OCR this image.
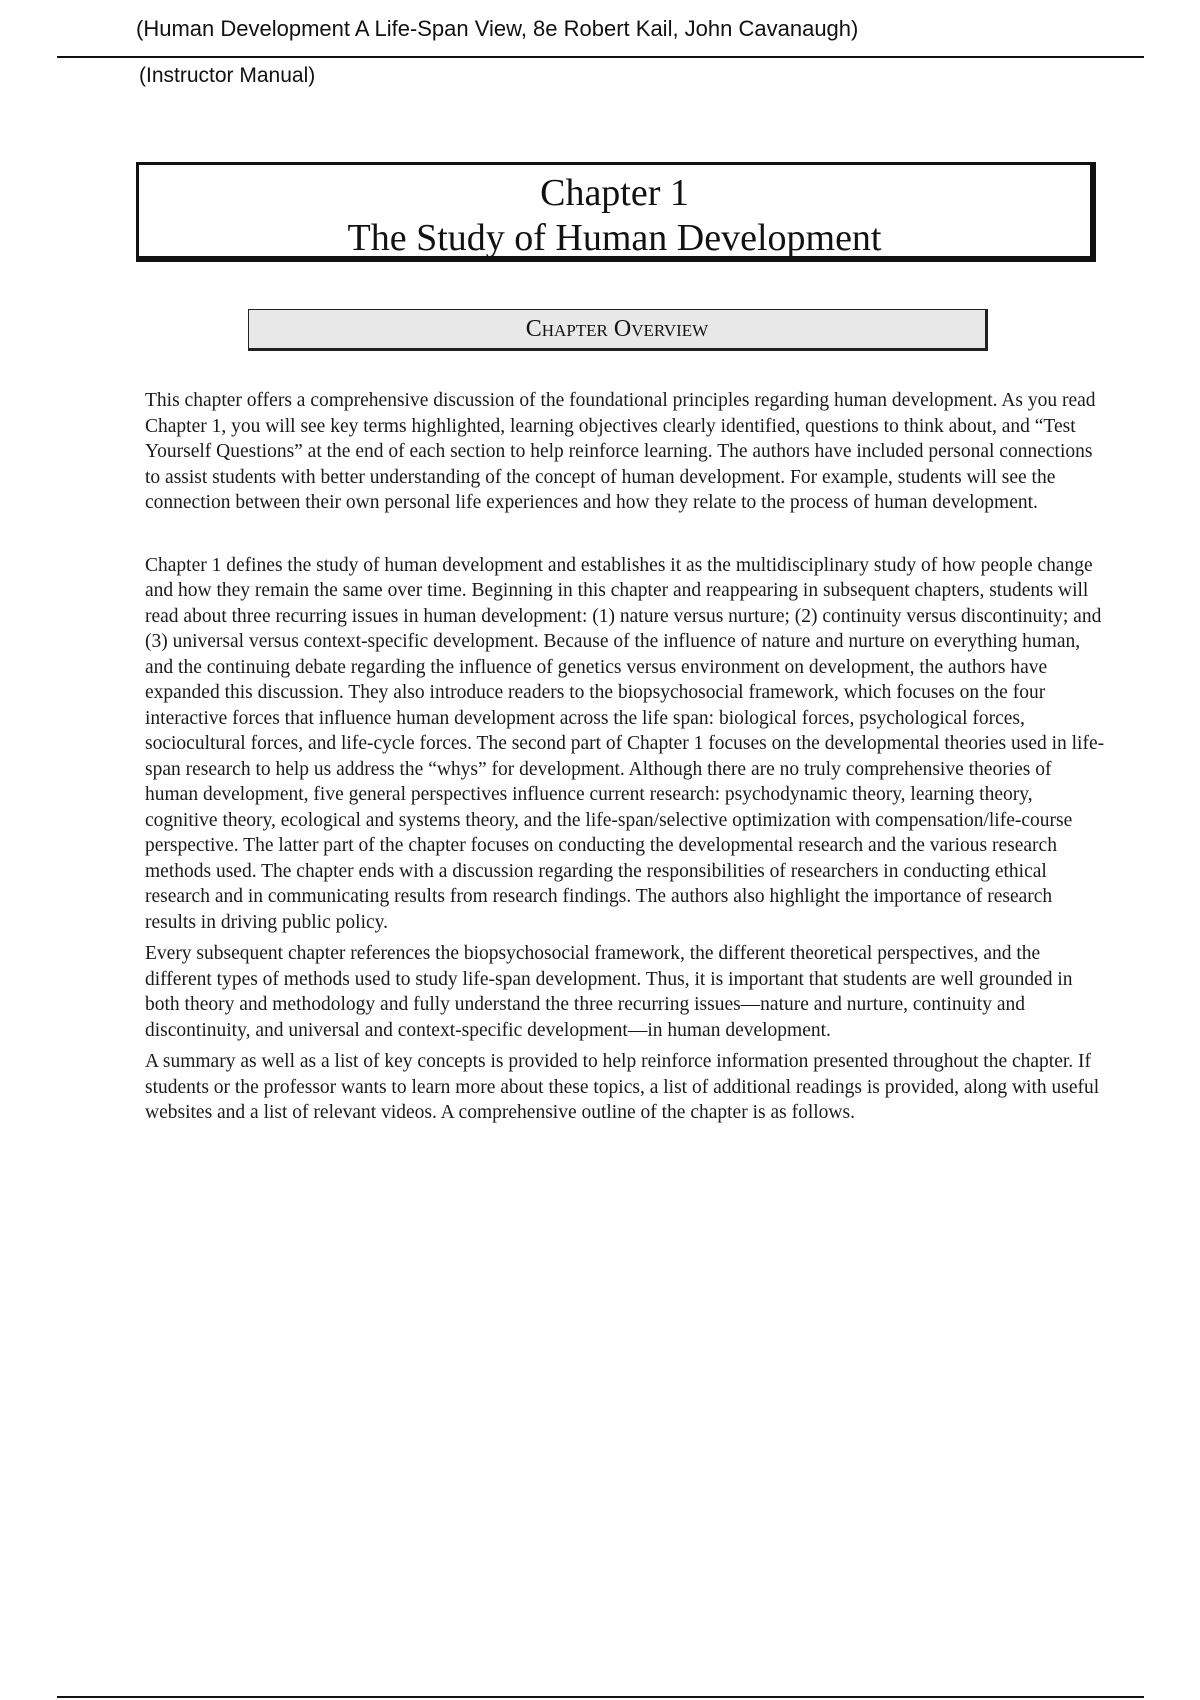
(Human Development A Life-Span View, 8e Robert Kail, John Cavanaugh)
(Instructor Manual)
Chapter 1
The Study of Human Development
Chapter Overview

This chapter offers a comprehensive discussion of the foundational principles regarding human development. As you read Chapter 1, you will see key terms highlighted, learning objectives clearly identified, questions to think about, and “Test Yourself Questions” at the end of each section to help reinforce learning. The authors have included personal connections to assist students with better understanding of the concept of human development. For example, students will see the connection between their own personal life experiences and how they relate to the process of human development.

Chapter 1 defines the study of human development and establishes it as the multidisciplinary study of how people change and how they remain the same over time. Beginning in this chapter and reappearing in subsequent chapters, students will read about three recurring issues in human development: (1) nature versus nurture; (2) continuity versus discontinuity; and (3) universal versus context-specific development. Because of the influence of nature and nurture on everything human, and the continuing debate regarding the influence of genetics versus environment on development, the authors have expanded this discussion. They also introduce readers to the biopsychosocial framework, which focuses on the four interactive forces that influence human development across the life span: biological forces, psychological forces, sociocultural forces, and life-cycle forces. The second part of Chapter 1 focuses on the developmental theories used in life-span research to help us address the “whys” for development. Although there are no truly comprehensive theories of human development, five general perspectives influence current research: psychodynamic theory, learning theory, cognitive theory, ecological and systems theory, and the life-span/selective optimization with compensation/life-course perspective. The latter part of the chapter focuses on conducting the developmental research and the various research methods used. The chapter ends with a discussion regarding the responsibilities of researchers in conducting ethical research and in communicating results from research findings. The authors also highlight the importance of research results in driving public policy.

Every subsequent chapter references the biopsychosocial framework, the different theoretical perspectives, and the different types of methods used to study life-span development. Thus, it is important that students are well grounded in both theory and methodology and fully understand the three recurring issues—nature and nurture, continuity and discontinuity, and universal and context-specific development—in human development.

A summary as well as a list of key concepts is provided to help reinforce information presented throughout the chapter. If students or the professor wants to learn more about these topics, a list of additional readings is provided, along with useful websites and a list of relevant videos. A comprehensive outline of the chapter is as follows.
